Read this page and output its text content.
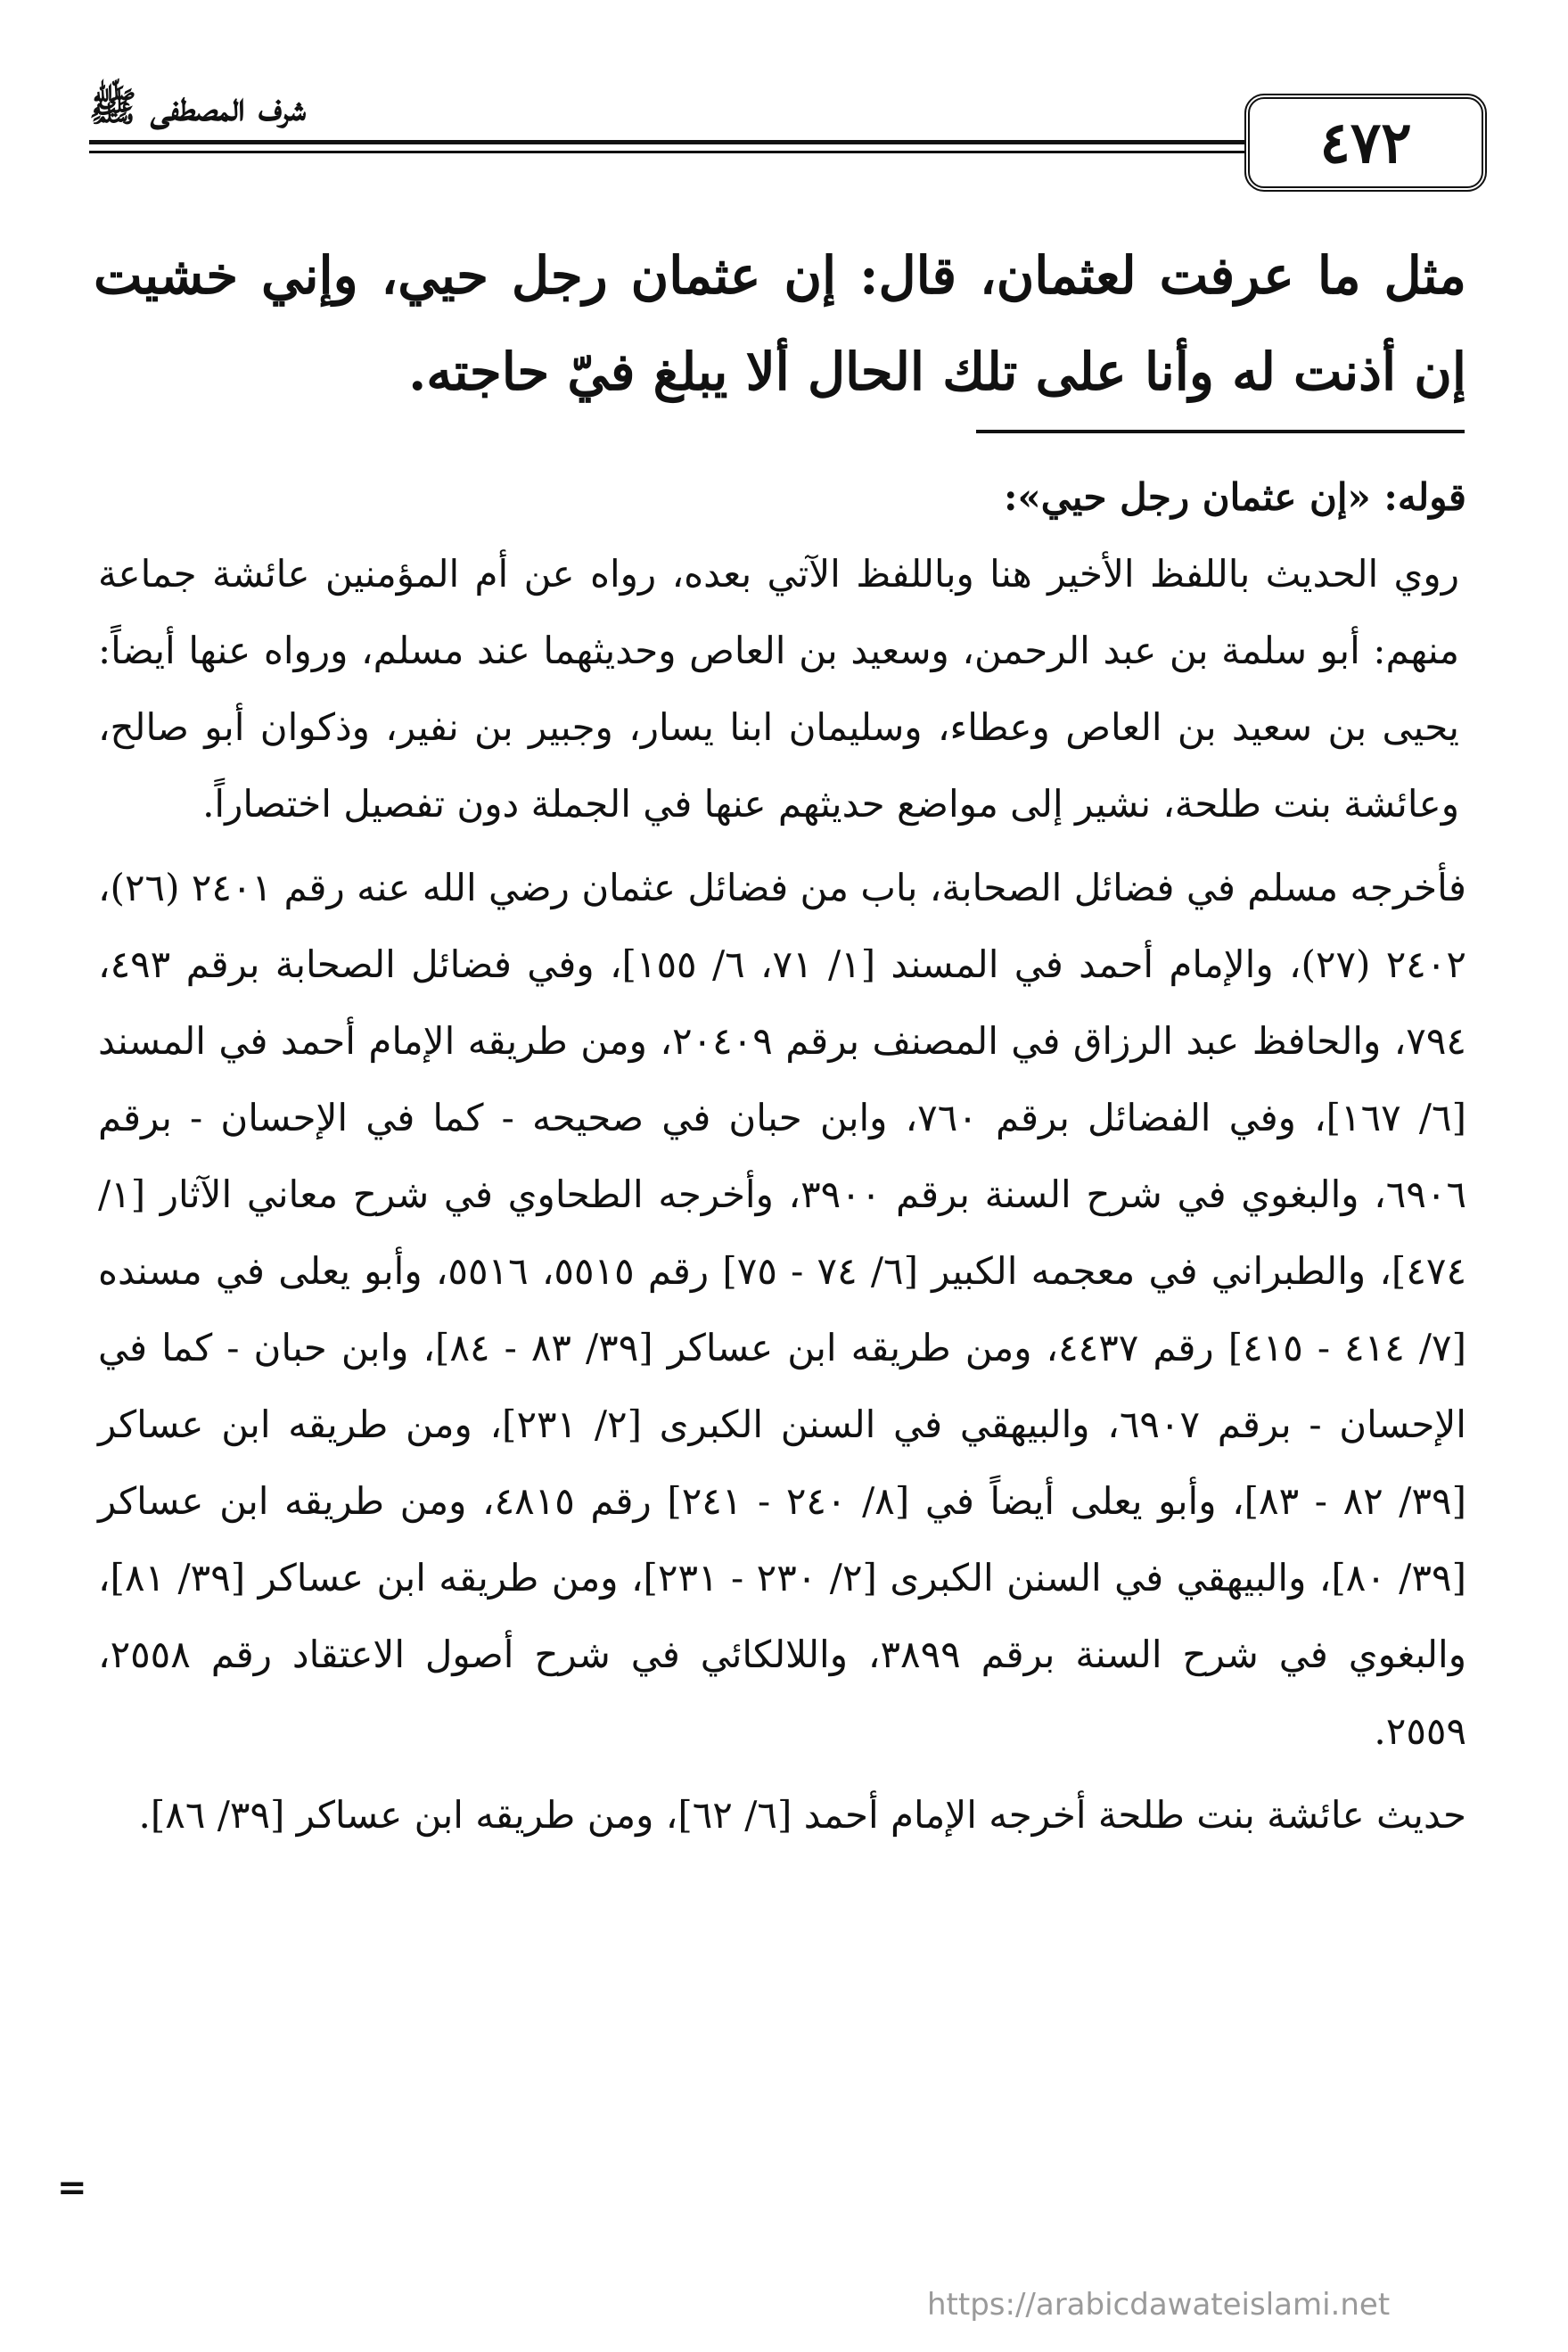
شرف المصطفى ﷺ
٤٧٢
مثل ما عرفت لعثمان، قال: إن عثمان رجل حيي، وإني خشيت إن أذنت له وأنا على تلك الحال ألا يبلغ فيّ حاجته.

قوله: «إن عثمان رجل حيي»:

روي الحديث باللفظ الأخير هنا وباللفظ الآتي بعده، رواه عن أم المؤمنين عائشة جماعة منهم: أبو سلمة بن عبد الرحمن، وسعيد بن العاص وحديثهما عند مسلم، ورواه عنها أيضاً: يحيى بن سعيد بن العاص وعطاء، وسليمان ابنا يسار، وجبير بن نفير، وذكوان أبو صالح، وعائشة بنت طلحة، نشير إلى مواضع حديثهم عنها في الجملة دون تفصيل اختصاراً.

فأخرجه مسلم في فضائل الصحابة، باب من فضائل عثمان رضي الله عنه رقم ٢٤٠١ (٢٦)، ٢٤٠٢ (٢٧)، والإمام أحمد في المسند [١/ ٧١، ٦/ ١٥٥]، وفي فضائل الصحابة برقم ٤٩٣، ٧٩٤، والحافظ عبد الرزاق في المصنف برقم ٢٠٤٠٩، ومن طريقه الإمام أحمد في المسند [٦/ ١٦٧]، وفي الفضائل برقم ٧٦٠، وابن حبان في صحيحه - كما في الإحسان - برقم ٦٩٠٦، والبغوي في شرح السنة برقم ٣٩٠٠، وأخرجه الطحاوي في شرح معاني الآثار [١/ ٤٧٤]، والطبراني في معجمه الكبير [٦/ ٧٤ - ٧٥] رقم ٥٥١٥، ٥٥١٦، وأبو يعلى في مسنده [٧/ ٤١٤ - ٤١٥] رقم ٤٤٣٧، ومن طريقه ابن عساكر [٣٩/ ٨٣ - ٨٤]، وابن حبان - كما في الإحسان - برقم ٦٩٠٧، والبيهقي في السنن الكبرى [٢/ ٢٣١]، ومن طريقه ابن عساكر [٣٩/ ٨٢ - ٨٣]، وأبو يعلى أيضاً في [٨/ ٢٤٠ - ٢٤١] رقم ٤٨١٥، ومن طريقه ابن عساكر [٣٩/ ٨٠]، والبيهقي في السنن الكبرى [٢/ ٢٣٠ - ٢٣١]، ومن طريقه ابن عساكر [٣٩/ ٨١]، والبغوي في شرح السنة برقم ٣٨٩٩، واللالكائي في شرح أصول الاعتقاد رقم ٢٥٥٨، ٢٥٥٩.

حديث عائشة بنت طلحة أخرجه الإمام أحمد [٦/ ٦٢]، ومن طريقه ابن عساكر [٣٩/ ٨٦].

=
https://arabicdawateislami.net
